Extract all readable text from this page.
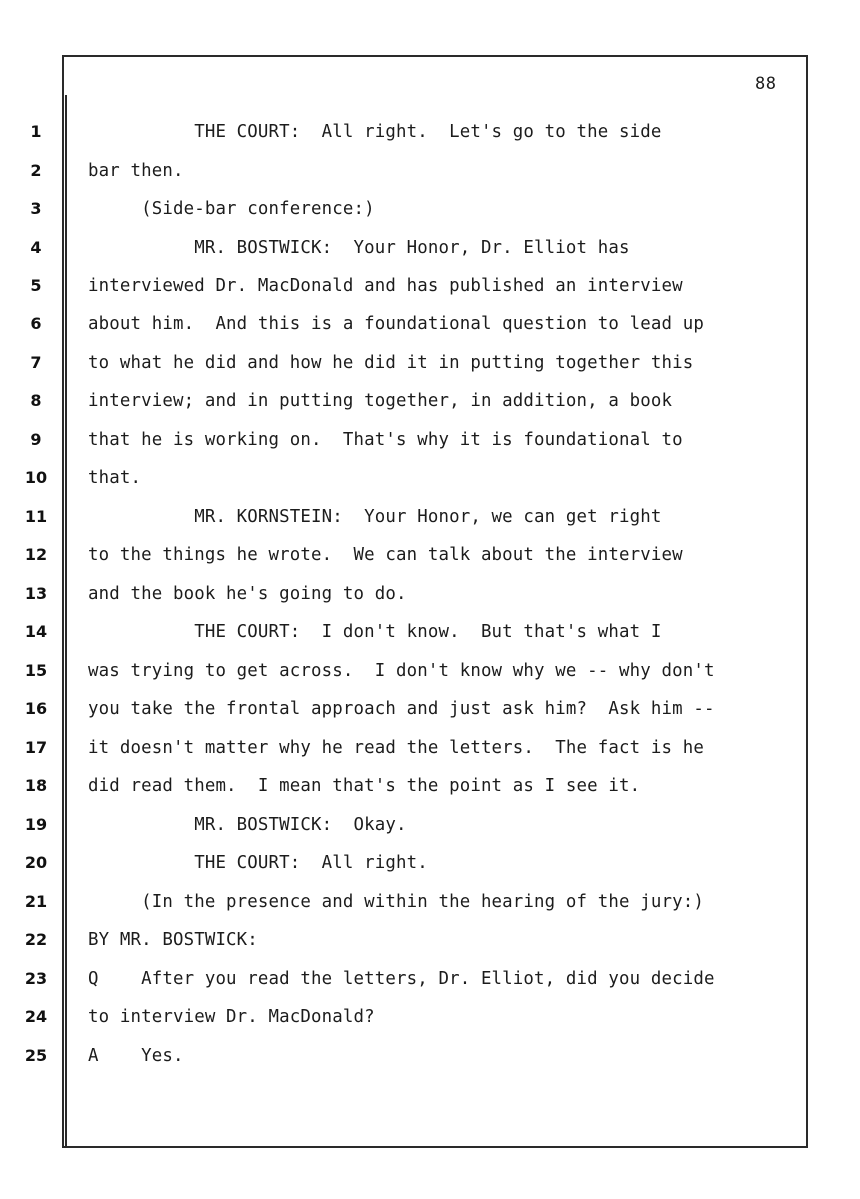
88
1
2
3
4
5
6
7
8
9
10
11
12
13
14
15
16
17
18
19
20
21
22
23
24
25
THE COURT:  All right.  Let's go to the side
bar then.
(Side-bar conference:)
MR. BOSTWICK:  Your Honor, Dr. Elliot has
interviewed Dr. MacDonald and has published an interview
about him.  And this is a foundational question to lead up
to what he did and how he did it in putting together this
interview; and in putting together, in addition, a book
that he is working on.  That's why it is foundational to
that.
MR. KORNSTEIN:  Your Honor, we can get right
to the things he wrote.  We can talk about the interview
and the book he's going to do.
THE COURT:  I don't know.  But that's what I
was trying to get across.  I don't know why we -- why don't
you take the frontal approach and just ask him?  Ask him --
it doesn't matter why he read the letters.  The fact is he
did read them.  I mean that's the point as I see it.
MR. BOSTWICK:  Okay.
THE COURT:  All right.
(In the presence and within the hearing of the jury:)
BY MR. BOSTWICK:
Q    After you read the letters, Dr. Elliot, did you decide
to interview Dr. MacDonald?
A    Yes.
